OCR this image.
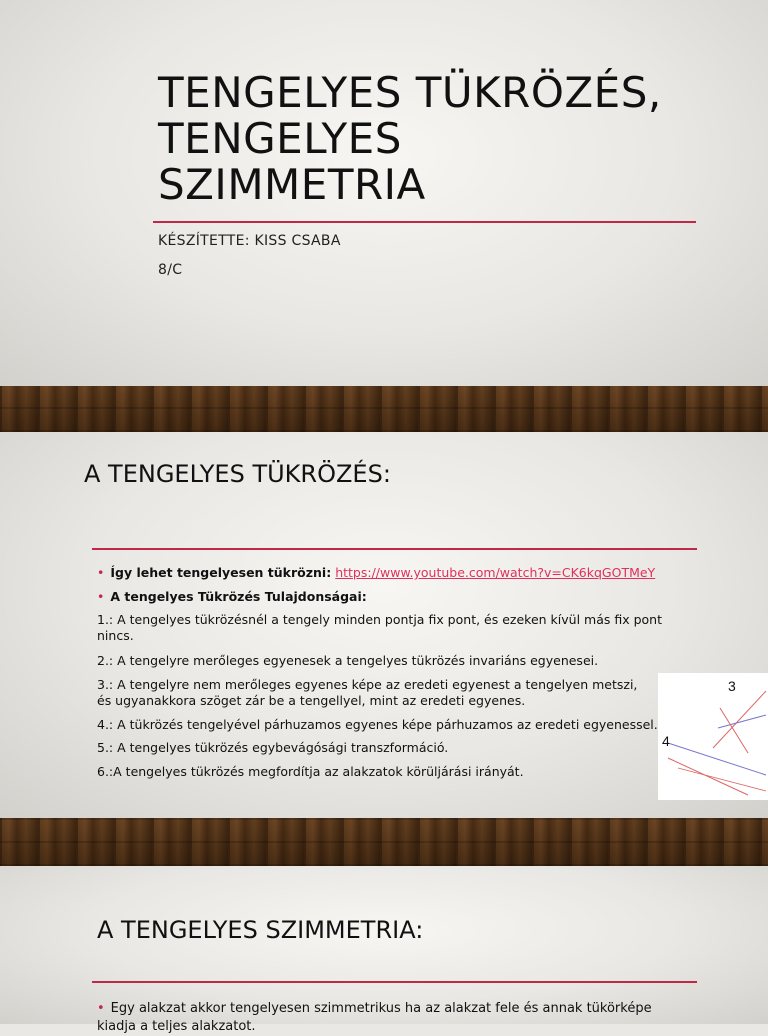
TENGELYES TÜKRÖZÉS,
TENGELYES
SZIMMETRIA
KÉSZÍTETTE: KISS CSABA
8/C
A TENGELYES TÜKRÖZÉS:
• Így lehet tengelyesen tükrözni: https://www.youtube.com/watch?v=CK6kqGOTMeY
• A tengelyes Tükrözés Tulajdonságai:
1.: A tengelyes tükrözésnél a tengely minden pontja fix pont, és ezeken kívül más fix pont nincs.
2.: A tengelyre merőleges egyenesek a tengelyes tükrözés invariáns egyenesei.
3.: A tengelyre nem merőleges egyenes képe az eredeti egyenest a tengelyen metszi, és ugyanakkora szöget zár be a tengellyel, mint az eredeti egyenes.
4.: A tükrözés tengelyével párhuzamos egyenes képe párhuzamos az eredeti egyenessel.
5.: A tengelyes tükrözés egybevágósági transzformáció.
6.:A tengelyes tükrözés megfordítja az alakzatok körüljárási irányát.
3
4
A TENGELYES SZIMMETRIA:
• Egy alakzat akkor tengelyesen szimmetrikus ha az alakzat fele és annak tükörképe kiadja a teljes alakzatot.
